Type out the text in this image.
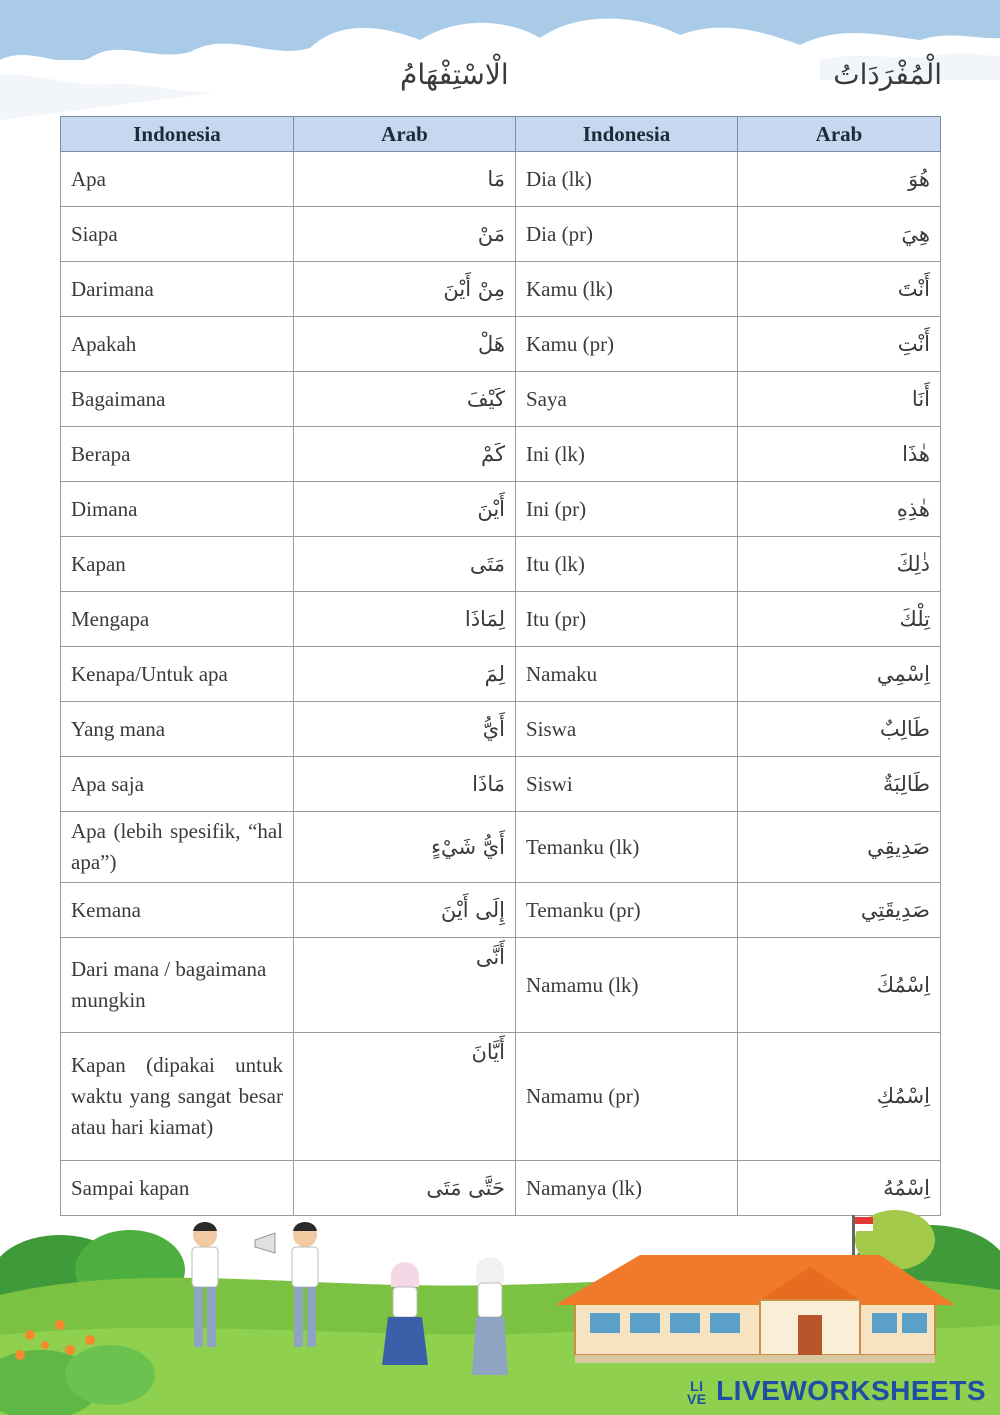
الْاسْتِفْهَامُ	الْمُفْرَدَاتُ
Indonesia	Arab	Indonesia	Arab
Apa	مَا	Dia (lk)	هُوَ
Siapa	مَنْ	Dia (pr)	هِيَ
Darimana	مِنْ أَيْنَ	Kamu (lk)	أَنْتَ
Apakah	هَلْ	Kamu (pr)	أَنْتِ
Bagaimana	كَيْفَ	Saya	أَنَا
Berapa	كَمْ	Ini (lk)	هٰذَا
Dimana	أَيْنَ	Ini (pr)	هٰذِهِ
Kapan	مَتَى	Itu (lk)	ذٰلِكَ
Mengapa	لِمَاذَا	Itu (pr)	تِلْكَ
Kenapa/Untuk apa	لِمَ	Namaku	اِسْمِي
Yang mana	أَيُّ	Siswa	طَالِبٌ
Apa saja	مَاذَا	Siswi	طَالِبَةٌ
Apa (lebih spesifik, “hal apa”)	أَيُّ شَيْءٍ	Temanku (lk)	صَدِيقِي
Kemana	إِلَى أَيْنَ	Temanku (pr)	صَدِيقَتِي
Dari mana / bagaimana mungkin	أَنَّى	Namamu (lk)	اِسْمُكَ
Kapan (dipakai untuk waktu yang sangat besar atau hari kiamat)	أَيَّانَ	Namamu (pr)	اِسْمُكِ
Sampai kapan	حَتَّى مَتَى	Namanya (lk)	اِسْمُهُ
LI
VE LIVEWORKSHEETS
